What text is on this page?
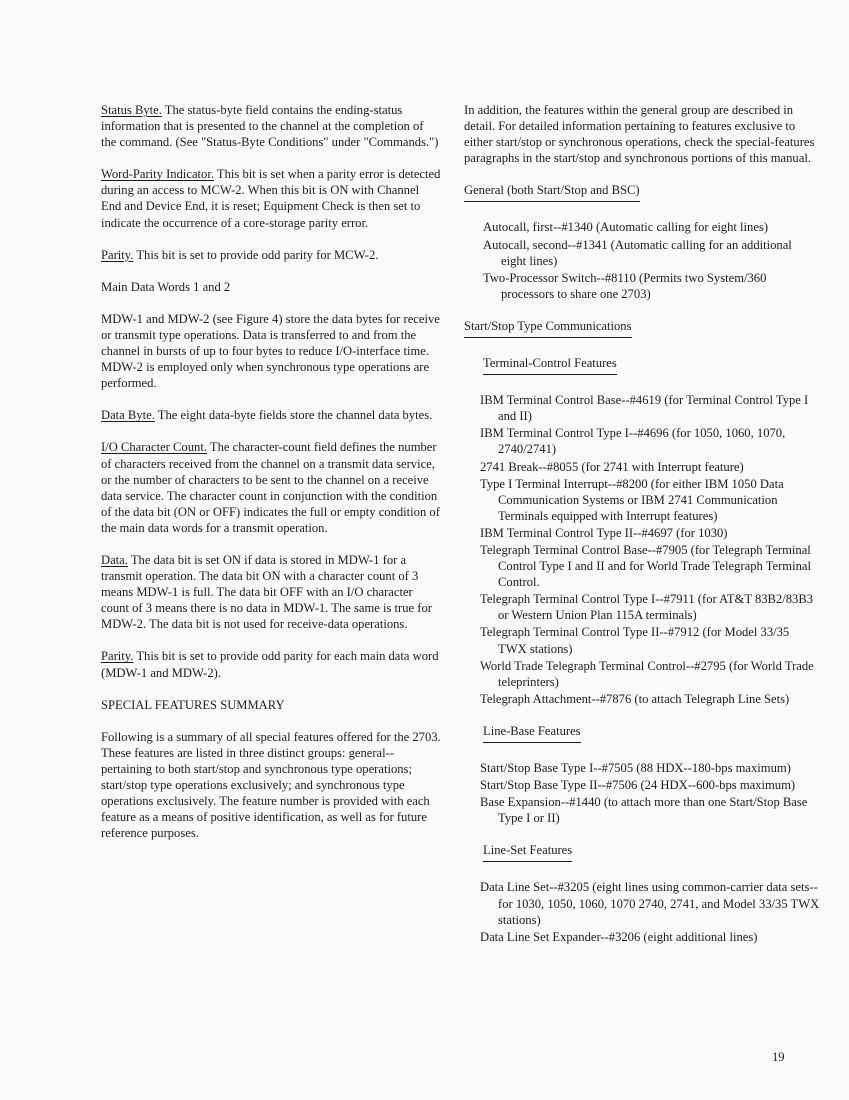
Status Byte. The status-byte field contains the ending-status information that is presented to the channel at the completion of the command. (See "Status-Byte Conditions" under "Commands.")

Word-Parity Indicator. This bit is set when a parity error is detected during an access to MCW-2. When this bit is ON with Channel End and Device End, it is reset; Equipment Check is then set to indicate the occurrence of a core-storage parity error.

Parity. This bit is set to provide odd parity for MCW-2.

Main Data Words 1 and 2

MDW-1 and MDW-2 (see Figure 4) store the data bytes for receive or transmit type operations. Data is transferred to and from the channel in bursts of up to four bytes to reduce I/O-interface time. MDW-2 is employed only when synchronous type operations are performed.

Data Byte. The eight data-byte fields store the channel data bytes.

I/O Character Count. The character-count field defines the number of characters received from the channel on a transmit data service, or the number of characters to be sent to the channel on a receive data service. The character count in conjunction with the condition of the data bit (ON or OFF) indicates the full or empty condition of the main data words for a transmit operation.

Data. The data bit is set ON if data is stored in MDW-1 for a transmit operation. The data bit ON with a character count of 3 means MDW-1 is full. The data bit OFF with an I/O character count of 3 means there is no data in MDW-1. The same is true for MDW-2. The data bit is not used for receive-data operations.

Parity. This bit is set to provide odd parity for each main data word (MDW-1 and MDW-2).

SPECIAL FEATURES SUMMARY

Following is a summary of all special features offered for the 2703. These features are listed in three distinct groups: general--pertaining to both start/stop and synchronous type operations; start/stop type operations exclusively; and synchronous type operations exclusively. The feature number is provided with each feature as a means of positive identification, as well as for future reference purposes.

In addition, the features within the general group are described in detail. For detailed information pertaining to features exclusive to either start/stop or synchronous operations, check the special-features paragraphs in the start/stop and synchronous portions of this manual.

General (both Start/Stop and BSC)
Autocall, first--#1340 (Automatic calling for eight lines)
Autocall, second--#1341 (Automatic calling for an additional eight lines)
Two-Processor Switch--#8110 (Permits two System/360 processors to share one 2703)
Start/Stop Type Communications
Terminal-Control Features
IBM Terminal Control Base--#4619 (for Terminal Control Type I and II)
IBM Terminal Control Type I--#4696 (for 1050, 1060, 1070, 2740/2741)
2741 Break--#8055 (for 2741 with Interrupt feature)
Type I Terminal Interrupt--#8200 (for either IBM 1050 Data Communication Systems or IBM 2741 Communication Terminals equipped with Interrupt features)
IBM Terminal Control Type II--#4697 (for 1030)
Telegraph Terminal Control Base--#7905 (for Telegraph Terminal Control Type I and II and for World Trade Telegraph Terminal Control.
Telegraph Terminal Control Type I--#7911 (for AT&T 83B2/83B3 or Western Union Plan 115A terminals)
Telegraph Terminal Control Type II--#7912 (for Model 33/35 TWX stations)
World Trade Telegraph Terminal Control--#2795 (for World Trade teleprinters)
Telegraph Attachment--#7876 (to attach Telegraph Line Sets)
Line-Base Features
Start/Stop Base Type I--#7505 (88 HDX--180-bps maximum)
Start/Stop Base Type II--#7506 (24 HDX--600-bps maximum)
Base Expansion--#1440 (to attach more than one Start/Stop Base Type I or II)
Line-Set Features
Data Line Set--#3205 (eight lines using common-carrier data sets--for 1030, 1050, 1060, 1070 2740, 2741, and Model 33/35 TWX stations)
Data Line Set Expander--#3206 (eight additional lines)
19
